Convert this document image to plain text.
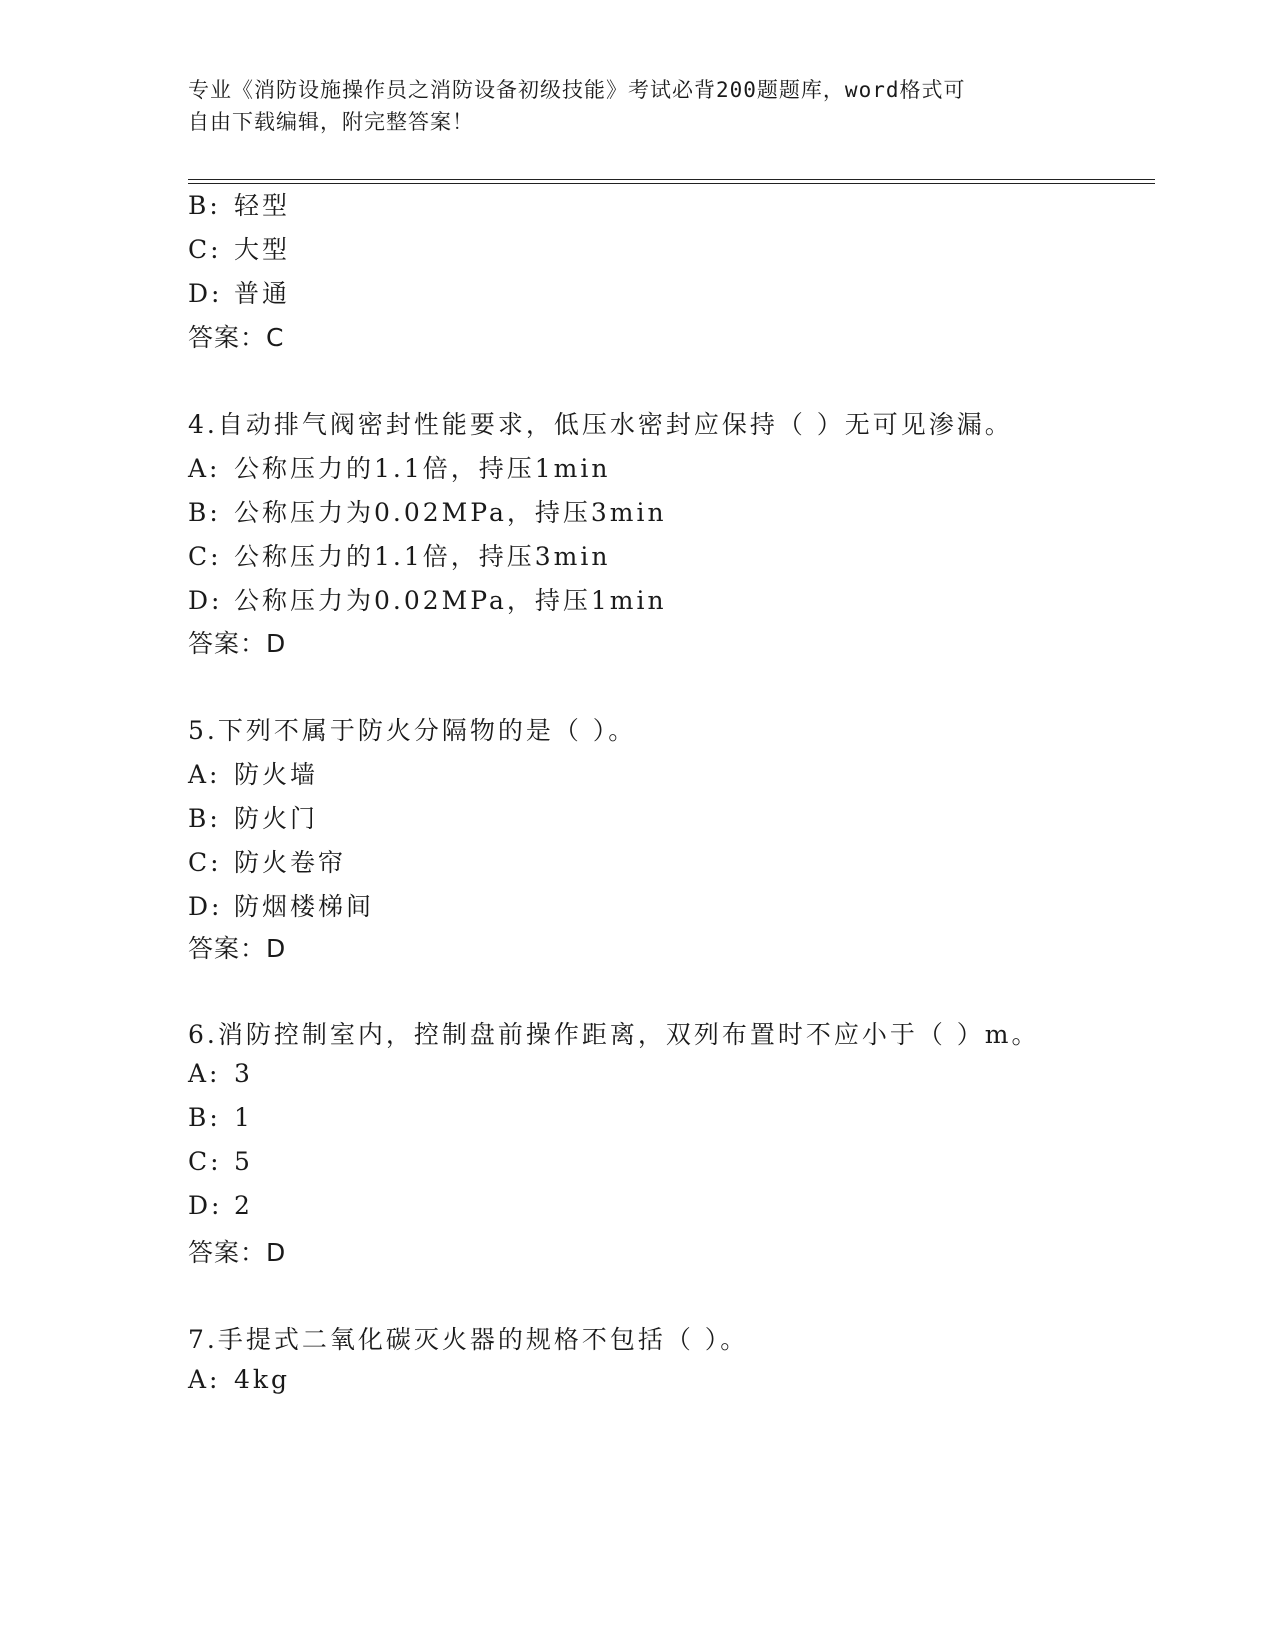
专业《消防设施操作员之消防设备初级技能》考试必背200题题库，word格式可
自由下载编辑，附完整答案！
B: 轻型
C: 大型
D: 普通
答案：C
4.自动排气阀密封性能要求，低压水密封应保持（ ）无可见渗漏。
A: 公称压力的1.1倍，持压1min
B: 公称压力为0.02MPa，持压3min
C: 公称压力的1.1倍，持压3min
D: 公称压力为0.02MPa，持压1min
答案：D
5.下列不属于防火分隔物的是（ ）。
A: 防火墙
B: 防火门
C: 防火卷帘
D: 防烟楼梯间
答案：D
6.消防控制室内，控制盘前操作距离，双列布置时不应小于（ ）m。
A: 3
B: 1
C: 5
D: 2
答案：D
7.手提式二氧化碳灭火器的规格不包括（ ）。
A: 4kg
